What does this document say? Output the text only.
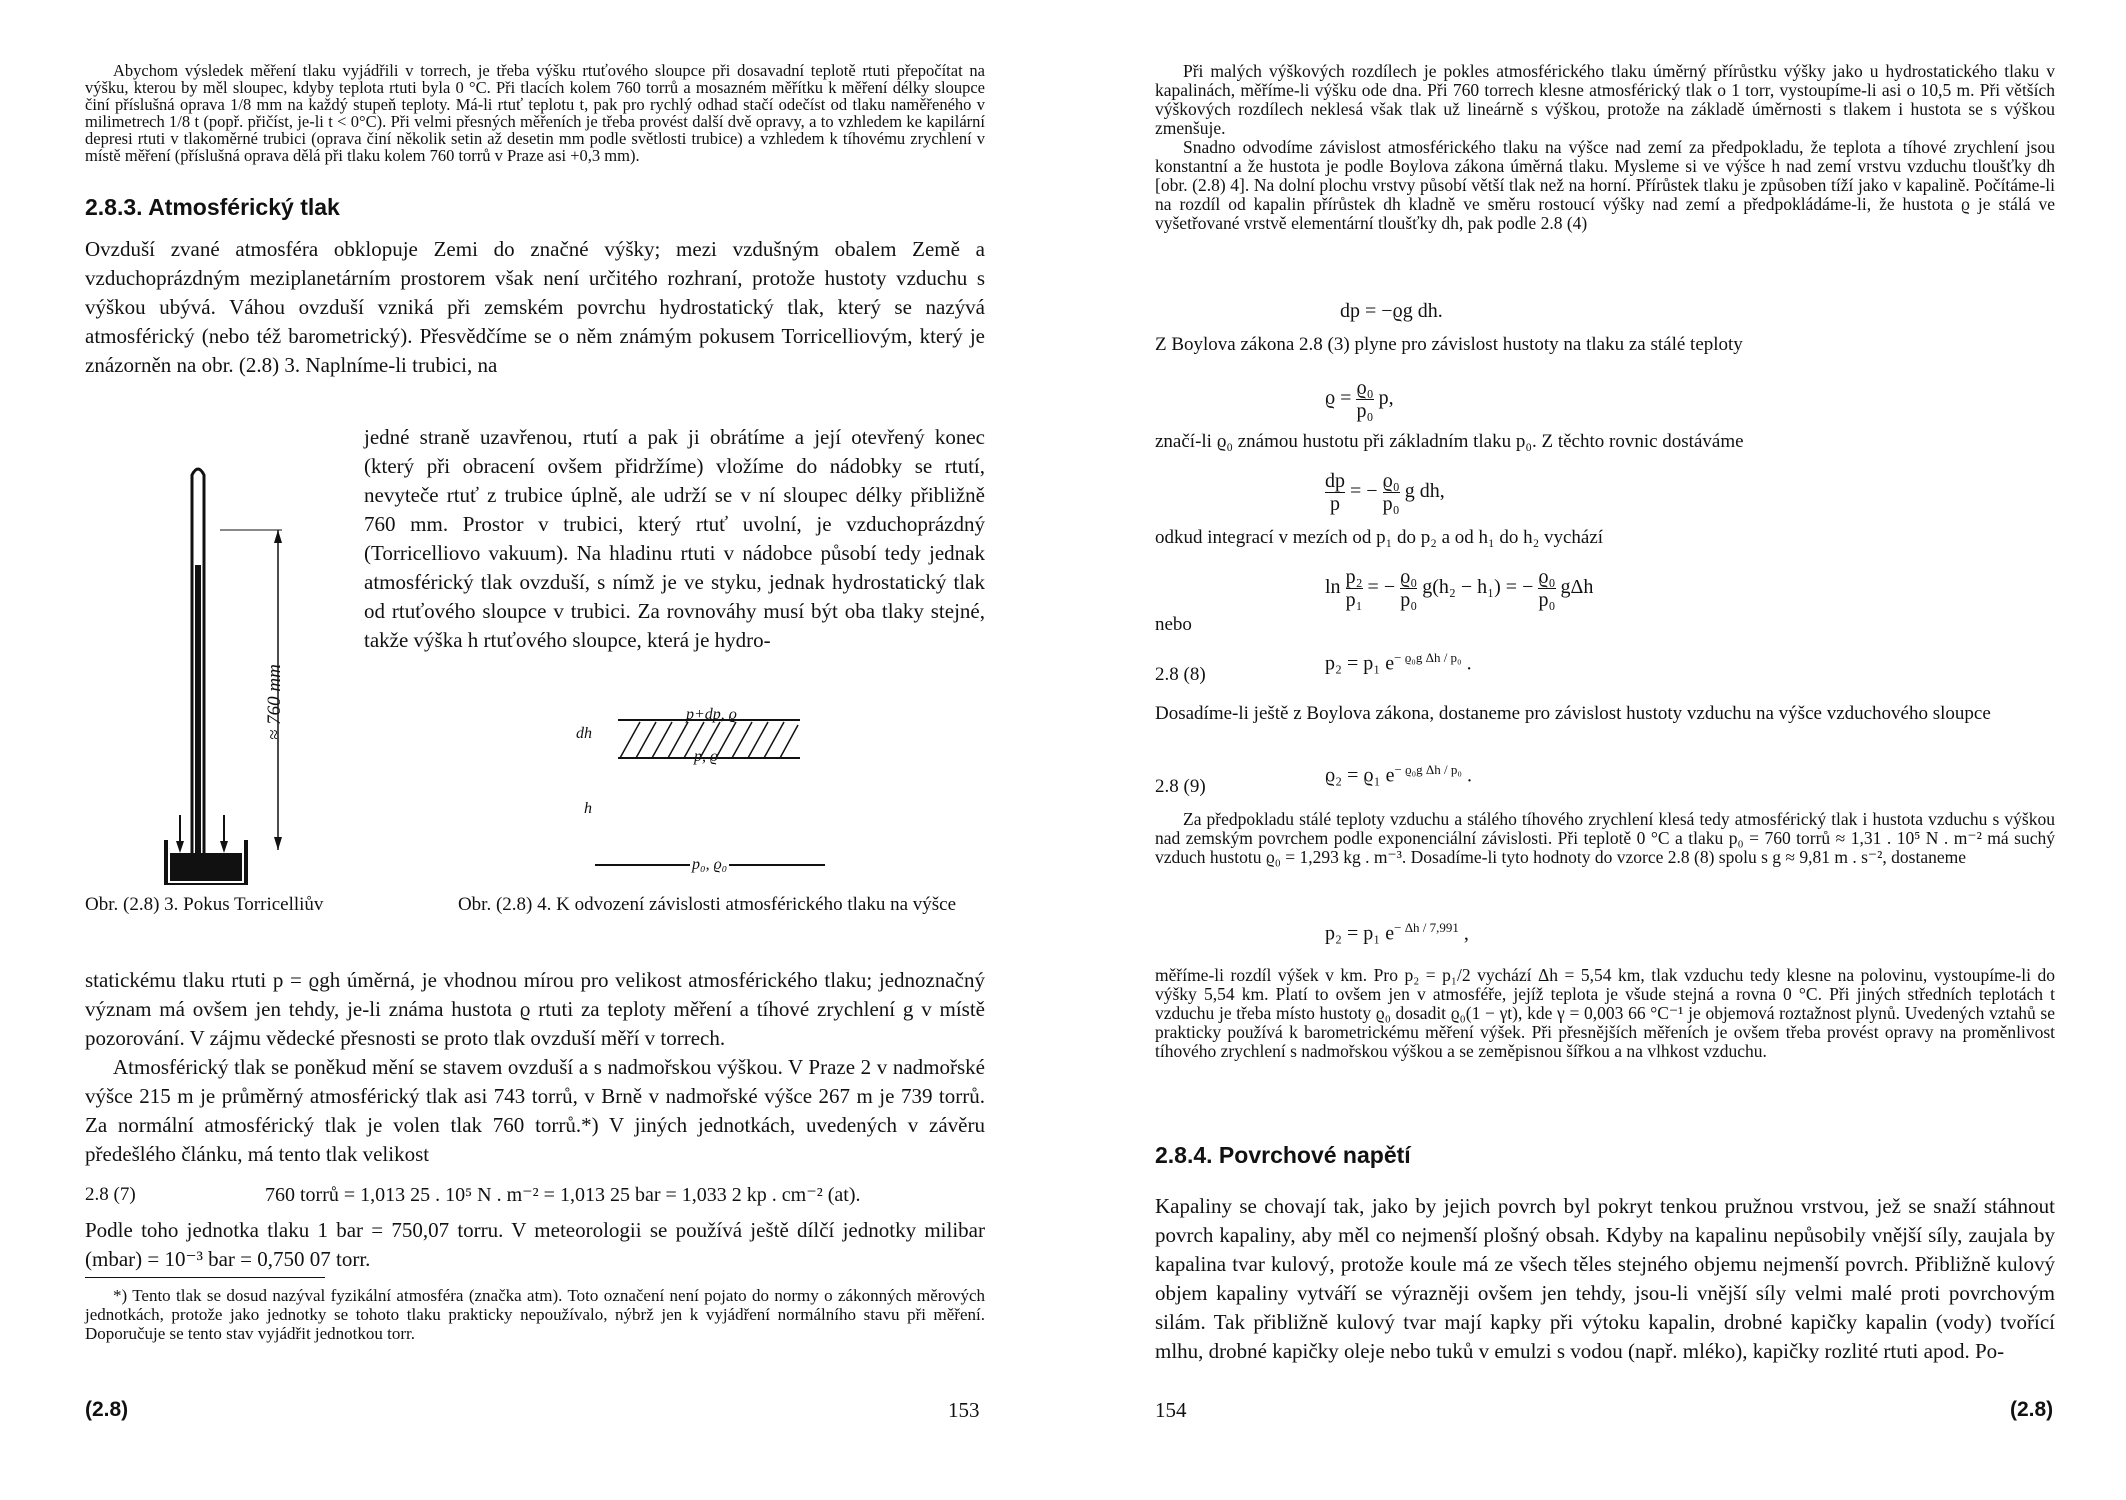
Abychom výsledek měření tlaku vyjádřili v torrech, je třeba výšku rtuťového sloupce při dosavadní teplotě rtuti přepočítat na výšku, kterou by měl sloupec, kdyby teplota rtuti byla 0 °C. Při tlacích kolem 760 torrů a mosazném měřítku k měření délky sloupce činí příslušná oprava 1/8 mm na každý stupeň teploty. Má-li rtuť teplotu t, pak pro rychlý odhad stačí odečíst od tlaku naměřeného v milimetrech 1/8 t (popř. přičíst, je-li t < 0°C). Při velmi přesných měřeních je třeba provést další dvě opravy, a to vzhledem ke kapilární depresi rtuti v tlakoměrné trubici (oprava činí několik setin až desetin mm podle světlosti trubice) a vzhledem k tíhovému zrychlení v místě měření (příslušná oprava dělá při tlaku kolem 760 torrů v Praze asi +0,3 mm).

2.8.3. Atmosférický tlak

Ovzduší zvané atmosféra obklopuje Zemi do značné výšky; mezi vzdušným obalem Země a vzduchoprázdným meziplanetárním prostorem však není určitého rozhraní, protože hustoty vzduchu s výškou ubývá. Váhou ovzduší vzniká při zemském povrchu hydrostatický tlak, který se nazývá atmosférický (nebo též barometrický). Přesvědčíme se o něm známým pokusem Torricelliovým, který je znázorněn na obr. (2.8) 3. Naplníme-li trubici, na

jedné straně uzavřenou, rtutí a pak ji obrátíme a její otevřený konec (který při obracení ovšem přidržíme) vložíme do nádobky se rtutí, nevyteče rtuť z trubice úplně, ale udrží se v ní sloupec délky přibližně 760 mm. Prostor v trubici, který rtuť uvolní, je vzduchoprázdný (Torricelliovo vakuum). Na hladinu rtuti v nádobce působí tedy jednak atmosférický tlak ovzduší, s nímž je ve styku, jednak hydrostatický tlak od rtuťového sloupce v trubici. Za rovnováhy musí být oba tlaky stejné, takže výška h rtuťového sloupce, která je hydro-

≈ 760 mm	p+dp, ϱ
dh
p, ϱ
h
p₀, ϱ₀
Obr. (2.8) 3. Pokus Torricelliův	Obr. (2.8) 4. K odvození závislosti atmosférického tlaku na výšce

statickému tlaku rtuti p = ϱgh úměrná, je vhodnou mírou pro velikost atmosférického tlaku; jednoznačný význam má ovšem jen tehdy, je-li známa hustota ϱ rtuti za teploty měření a tíhové zrychlení g v místě pozorování. V zájmu vědecké přesnosti se proto tlak ovzduší měří v torrech.

Atmosférický tlak se poněkud mění se stavem ovzduší a s nadmořskou výškou. V Praze 2 v nadmořské výšce 215 m je průměrný atmosférický tlak asi 743 torrů, v Brně v nadmořské výšce 267 m je 739 torrů. Za normální atmosférický tlak je volen tlak 760 torrů.*) V jiných jednotkách, uvedených v závěru předešlého článku, má tento tlak velikost

2.8 (7)	760 torrů = 1,013 25 . 10⁵ N . m⁻² = 1,013 25 bar = 1,033 2 kp . cm⁻² (at).

Podle toho jednotka tlaku 1 bar = 750,07 torru. V meteorologii se používá ještě dílčí jednotky milibar (mbar) = 10⁻³ bar = 0,750 07 torr.

*) Tento tlak se dosud nazýval fyzikální atmosféra (značka atm). Toto označení není pojato do normy o zákonných měrových jednotkách, protože jako jednotky se tohoto tlaku prakticky nepoužívalo, nýbrž jen k vyjádření normálního stavu při měření. Doporučuje se tento stav vyjádřit jednotkou torr.

(2.8)	153

Při malých výškových rozdílech je pokles atmosférického tlaku úměrný přírůstku výšky jako u hydrostatického tlaku v kapalinách, měříme-li výšku ode dna. Při 760 torrech klesne atmosférický tlak o 1 torr, vystoupíme-li asi o 10,5 m. Při větších výškových rozdílech neklesá však tlak už lineárně s výškou, protože na základě úměrnosti s tlakem i hustota se s výškou zmenšuje.

Snadno odvodíme závislost atmosférického tlaku na výšce nad zemí za předpokladu, že teplota a tíhové zrychlení jsou konstantní a že hustota je podle Boylova zákona úměrná tlaku. Mysleme si ve výšce h nad zemí vrstvu vzduchu tloušťky dh [obr. (2.8) 4]. Na dolní plochu vrstvy působí větší tlak než na horní. Přírůstek tlaku je způsoben tíží jako v kapalině. Počítáme-li na rozdíl od kapalin přírůstek dh kladně ve směru rostoucí výšky nad zemí a předpokládáme-li, že hustota ϱ je stálá ve vyšetřované vrstvě elementární tloušťky dh, pak podle 2.8 (4)

dp = −ϱg dh.

Z Boylova zákona 2.8 (3) plyne pro závislost hustoty na tlaku za stálé teploty

$ϱ = \frac{\text{ϱ₀}}{\text{p₀}} p$,

značí-li ϱ₀ známou hustotu při základním tlaku p₀. Z těchto rovnic dostáváme

$\frac{dp}{p}$ = − $\frac{\text{ϱ₀}}{\text{p₀}}$ g dh,

odkud integrací v mezích od p₁ do p₂ a od h₁ do h₂ vychází

$\ln \frac{\text{p₂}}{\text{p₁}}$ = − $\frac{\text{ϱ₀}}{\text{p₀}} g(h_2 - h_1)$ = − $\frac{\text{ϱ₀}}{\text{p₀}}$ gΔh
nebo
2.8 (8)	p₂ = p₁ $e^{- ϱ_0g \Delta h / p_0}$ .

Dosadíme-li ještě z Boylova zákona, dostaneme pro závislost hustoty vzduchu na výšce vzduchového sloupce

2.8 (9)	ϱ₂ = ϱ₁ $e^{- ϱ_0g \Delta h / p_0}$ .

Za předpokladu stálé teploty vzduchu a stálého tíhového zrychlení klesá tedy atmosférický tlak i hustota vzduchu s výškou nad zemským povrchem podle exponenciální závislosti. Při teplotě 0 °C a tlaku p₀ = 760 torrů ≈ 1,31 . 10⁵ N . m⁻² má suchý vzduch hustotu ϱ₀ = 1,293 kg . m⁻³. Dosadíme-li tyto hodnoty do vzorce 2.8 (8) spolu s g ≈ 9,81 m . s⁻², dostaneme

p₂ = p₁ $e^{- \Delta h / 7,991}$ ,

měříme-li rozdíl výšek v km. Pro p₂ = p₁/2 vychází Δh = 5,54 km, tlak vzduchu tedy klesne na polovinu, vystoupíme-li do výšky 5,54 km. Platí to ovšem jen v atmosféře, jejíž teplota je všude stejná a rovna 0 °C. Při jiných středních teplotách t vzduchu je třeba místo hustoty ϱ₀ dosadit ϱ₀(1 − γt), kde γ = 0,003 66 °C⁻¹ je objemová roztažnost plynů. Uvedených vztahů se prakticky používá k barometrickému měření výšek. Při přesnějších měřeních je ovšem třeba provést opravy na proměnlivost tíhového zrychlení s nadmořskou výškou a se zeměpisnou šířkou a na vlhkost vzduchu.

2.8.4. Povrchové napětí

Kapaliny se chovají tak, jako by jejich povrch byl pokryt tenkou pružnou vrstvou, jež se snaží stáhnout povrch kapaliny, aby měl co nejmenší plošný obsah. Kdyby na kapalinu nepůsobily vnější síly, zaujala by kapalina tvar kulový, protože koule má ze všech těles stejného objemu nejmenší povrch. Přibližně kulový objem kapaliny vytváří se výrazněji ovšem jen tehdy, jsou-li vnější síly velmi malé proti povrchovým silám. Tak přibližně kulový tvar mají kapky při výtoku kapalin, drobné kapičky kapalin (vody) tvořící mlhu, drobné kapičky oleje nebo tuků v emulzi s vodou (např. mléko), kapičky rozlité rtuti apod. Po-

154	(2.8)
